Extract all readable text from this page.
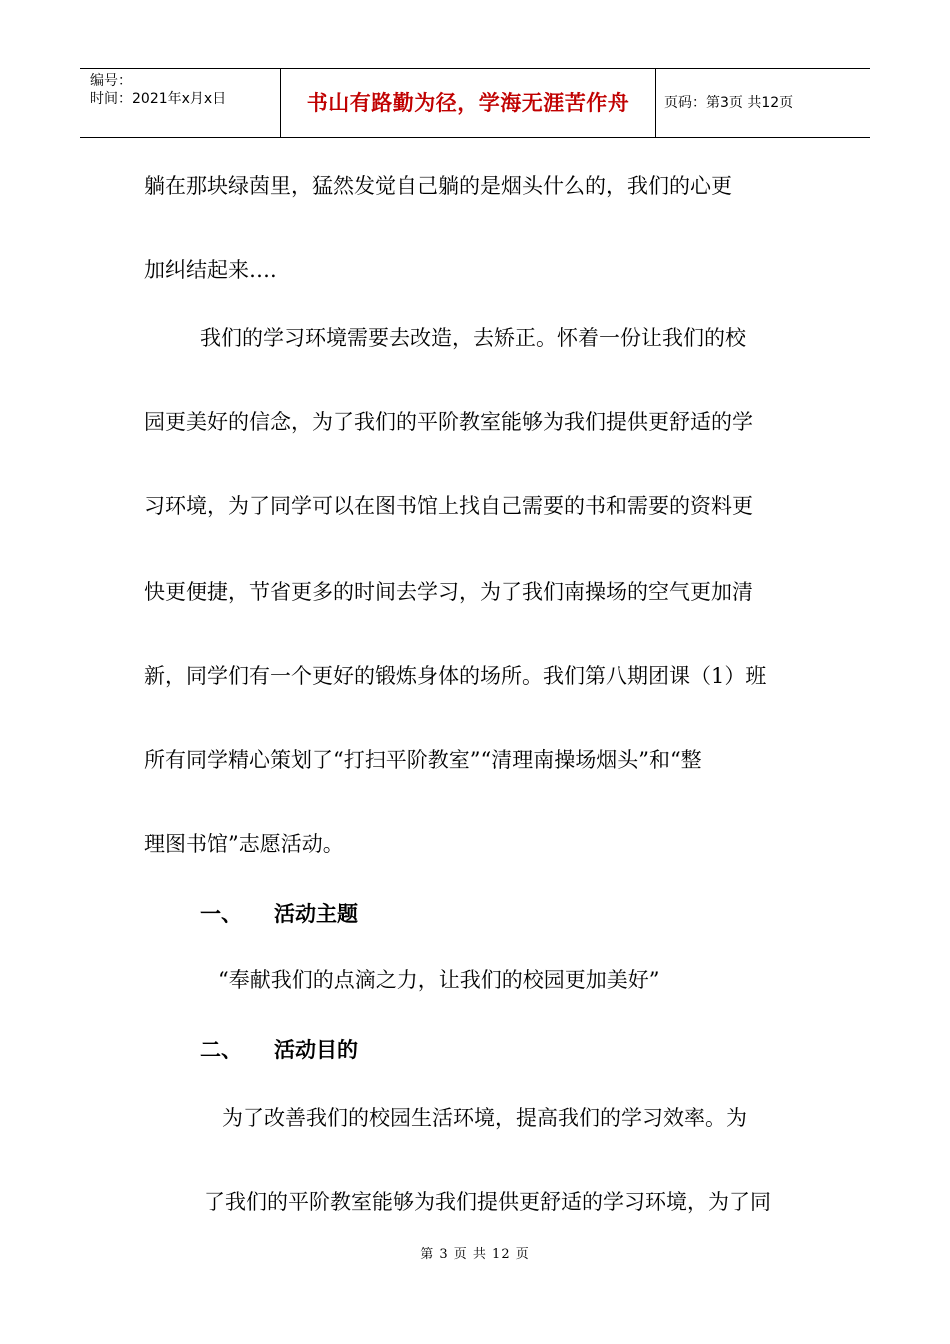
编号：
时间：2021年x月x日	书山有路勤为径，学海无涯苦作舟	页码：第3页 共12页

躺在那块绿茵里，猛然发觉自己躺的是烟头什么的，我们的心更

加纠结起来….

我们的学习环境需要去改造，去矫正。怀着一份让我们的校

园更美好的信念，为了我们的平阶教室能够为我们提供更舒适的学

习环境，为了同学可以在图书馆上找自己需要的书和需要的资料更

快更便捷，节省更多的时间去学习，为了我们南操场的空气更加清

新，同学们有一个更好的锻炼身体的场所。我们第八期团课（1）班

所有同学精心策划了“打扫平阶教室”“清理南操场烟头”和“整

理图书馆”志愿活动。

一、 活动主题

“奉献我们的点滴之力，让我们的校园更加美好”

二、 活动目的

为了改善我们的校园生活环境，提高我们的学习效率。为

了我们的平阶教室能够为我们提供更舒适的学习环境，为了同

第 3 页 共 12 页
